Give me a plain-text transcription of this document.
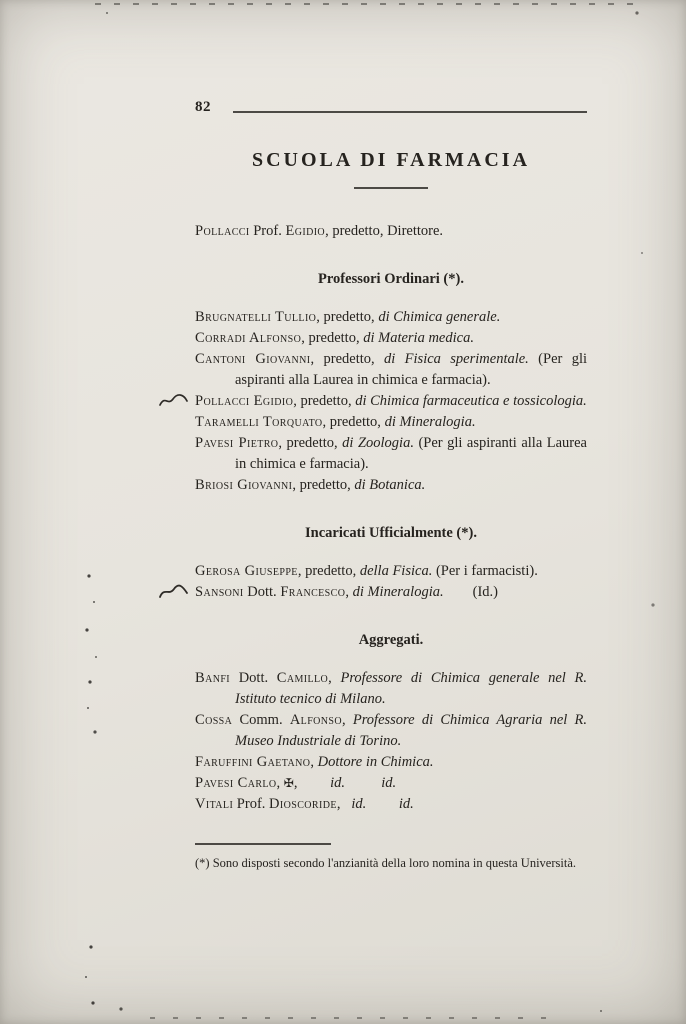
82
SCUOLA DI FARMACIA

Pollacci Prof. Egidio, predetto, Direttore.

Professori Ordinari (*).

Brugnatelli Tullio, predetto, di Chimica generale.

Corradi Alfonso, predetto, di Materia medica.

Cantoni Giovanni, predetto, di Fisica sperimentale. (Per gli aspiranti alla Laurea in chimica e farmacia).

Pollacci Egidio, predetto, di Chimica farmaceutica e tossicologia.

Taramelli Torquato, predetto, di Mineralogia.

Pavesi Pietro, predetto, di Zoologia. (Per gli aspiranti alla Laurea in chimica e farmacia).

Briosi Giovanni, predetto, di Botanica.

Incaricati Ufficialmente (*).

Gerosa Giuseppe, predetto, della Fisica. (Per i farmacisti).

Sansoni Dott. Francesco, di Mineralogia.        (Id.)

Aggregati.

Banfi Dott. Camillo, Professore di Chimica generale nel R. Istituto tecnico di Milano.

Cossa Comm. Alfonso, Professore di Chimica Agraria nel R. Museo Industriale di Torino.

Faruffini Gaetano, Dottore in Chimica.

Pavesi Carlo, ✠,         id.	id.

Vitali Prof. Dioscoride,   id. id.

(*) Sono disposti secondo l'anzianità della loro nomina in questa Università.
